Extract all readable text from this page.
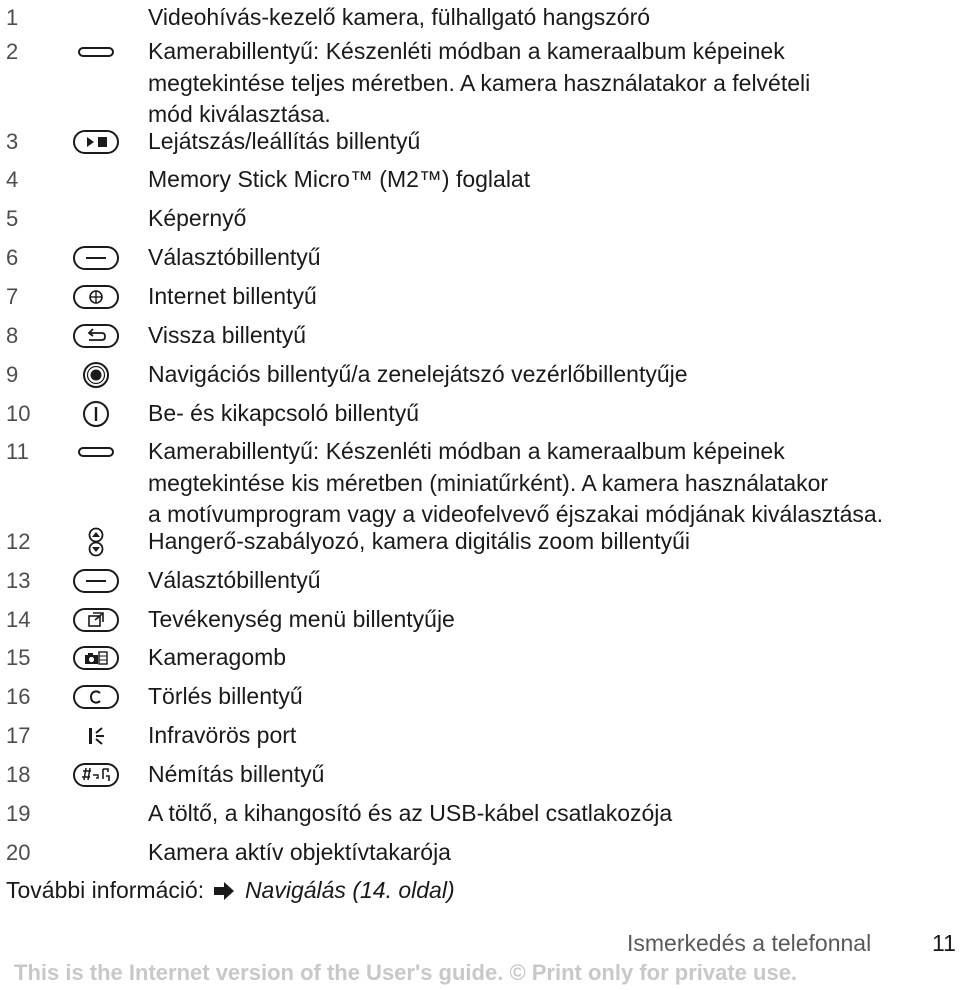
1	Videohívás-kezelő kamera, fülhallgató hangszóró
2	Kamerabillentyű: Készenléti módban a kameraalbum képeinek
megtekintése teljes méretben. A kamera használatakor a felvételi
mód kiválasztása.
3	Lejátszás/leállítás billentyű
4	Memory Stick Micro™ (M2™) foglalat
5	Képernyő
6	Választóbillentyű
7	Internet billentyű
8	Vissza billentyű
9	Navigációs billentyű/a zenelejátszó vezérlőbillentyűje
10	Be- és kikapcsoló billentyű
11	Kamerabillentyű: Készenléti módban a kameraalbum képeinek
megtekintése kis méretben (miniatűrként). A kamera használatakor
a motívumprogram vagy a videofelvevő éjszakai módjának kiválasztása.
12	Hangerő-szabályozó, kamera digitális zoom billentyűi
13	Választóbillentyű
14	Tevékenység menü billentyűje
15	Kameragomb
16	Törlés billentyű
17	Infravörös port
18	Némítás billentyű
19	A töltő, a kihangosító és az USB-kábel csatlakozója
20	Kamera aktív objektívtakarója
További információ: Navigálás (14. oldal)
Ismerkedés a telefonnal	11
This is the Internet version of the User's guide. © Print only for private use.
